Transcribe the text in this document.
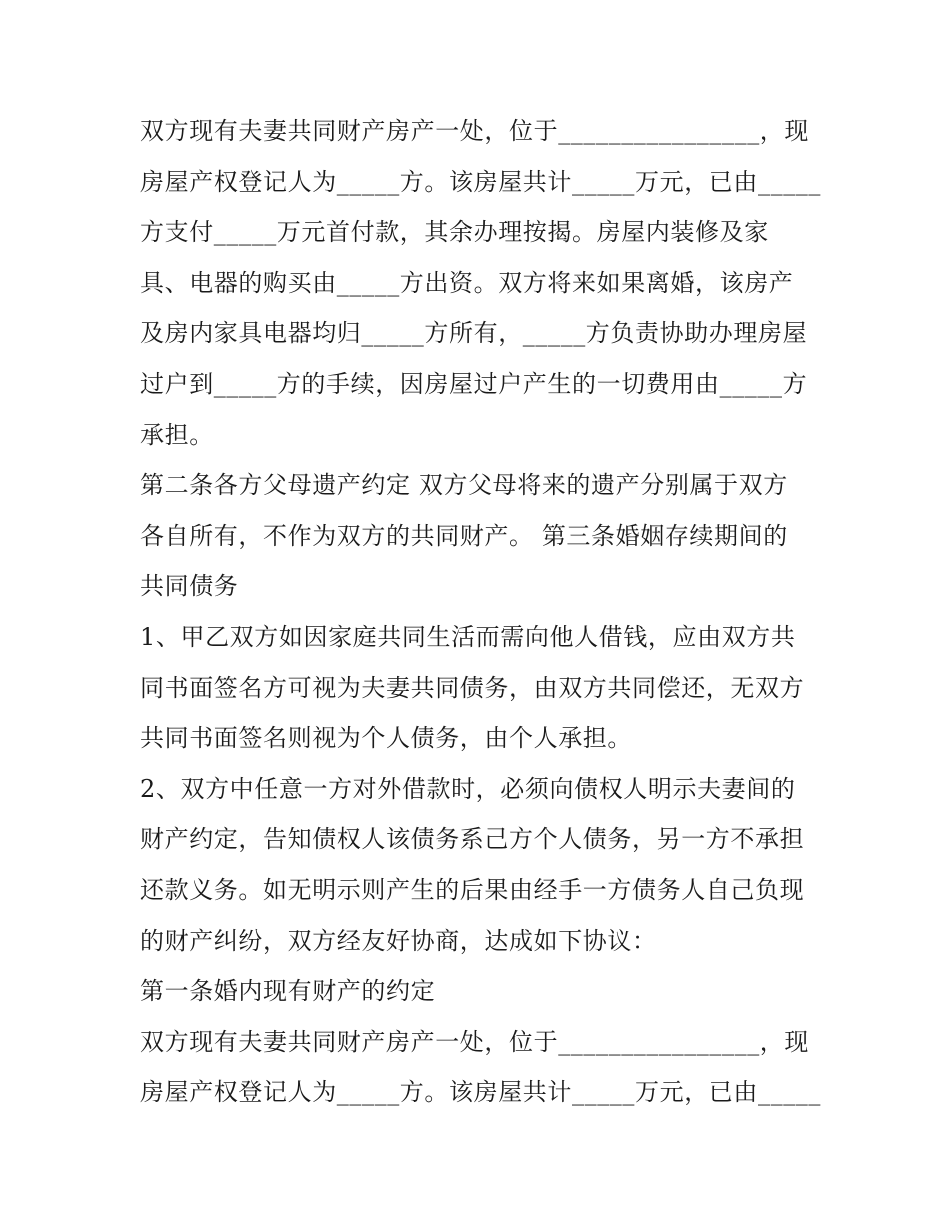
双方现有夫妻共同财产房产一处，位于________________，现
房屋产权登记人为_____方。该房屋共计_____万元，已由_____
方支付_____万元首付款，其余办理按揭。房屋内装修及家
具、电器的购买由_____方出资。双方将来如果离婚，该房产
及房内家具电器均归_____方所有，_____方负责协助办理房屋
过户到_____方的手续，因房屋过户产生的一切费用由_____方
承担。
第二条各方父母遗产约定 双方父母将来的遗产分别属于双方
各自所有，不作为双方的共同财产。 第三条婚姻存续期间的
共同债务
1、甲乙双方如因家庭共同生活而需向他人借钱，应由双方共
同书面签名方可视为夫妻共同债务，由双方共同偿还，无双方
共同书面签名则视为个人债务，由个人承担。
2、双方中任意一方对外借款时，必须向债权人明示夫妻间的
财产约定，告知债权人该债务系己方个人债务，另一方不承担
还款义务。如无明示则产生的后果由经手一方债务人自己负现
的财产纠纷，双方经友好协商，达成如下协议：
第一条婚内现有财产的约定
双方现有夫妻共同财产房产一处，位于________________，现
房屋产权登记人为_____方。该房屋共计_____万元，已由_____
